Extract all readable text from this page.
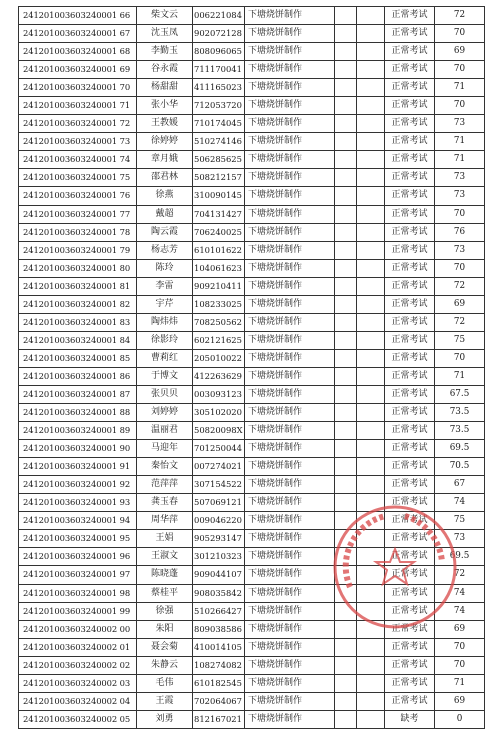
241201003603240001 66	柴文云	006221084	下塘烧饼制作			正常考试	72
241201003603240001 67	沈玉凤	902072128	下塘烧饼制作			正常考试	70
241201003603240001 68	李勤玉	808096065	下塘烧饼制作			正常考试	69
241201003603240001 69	谷永霞	711170041	下塘烧饼制作			正常考试	70
241201003603240001 70	杨甜甜	411165023	下塘烧饼制作			正常考试	71
241201003603240001 71	张小华	712053720	下塘烧饼制作			正常考试	70
241201003603240001 72	王教媛	710174045	下塘烧饼制作			正常考试	73
241201003603240001 73	徐婷婷	510274146	下塘烧饼制作			正常考试	71
241201003603240001 74	章月娥	506285625	下塘烧饼制作			正常考试	71
241201003603240001 75	邵君林	508212157	下塘烧饼制作			正常考试	73
241201003603240001 76	徐燕	310090145	下塘烧饼制作			正常考试	73
241201003603240001 77	戴超	704131427	下塘烧饼制作			正常考试	70
241201003603240001 78	陶云霞	706240025	下塘烧饼制作			正常考试	76
241201003603240001 79	杨志芳	610101622	下塘烧饼制作			正常考试	73
241201003603240001 80	陈玲	104061623	下塘烧饼制作			正常考试	70
241201003603240001 81	李雷	909210411	下塘烧饼制作			正常考试	72
241201003603240001 82	宇芹	108233025	下塘烧饼制作			正常考试	69
241201003603240001 83	陶炜炜	708250562	下塘烧饼制作			正常考试	72
241201003603240001 84	徐影玲	602121625	下塘烧饼制作			正常考试	75
241201003603240001 85	曹莉红	205010022	下塘烧饼制作			正常考试	70
241201003603240001 86	于博文	412263629	下塘烧饼制作			正常考试	71
241201003603240001 87	张贝贝	003093123	下塘烧饼制作			正常考试	67.5
241201003603240001 88	刘婷婷	305102020	下塘烧饼制作			正常考试	73.5
241201003603240001 89	温丽君	50820098X	下塘烧饼制作			正常考试	73.5
241201003603240001 90	马迎年	701250044	下塘烧饼制作			正常考试	69.5
241201003603240001 91	秦怡文	007274021	下塘烧饼制作			正常考试	70.5
241201003603240001 92	范萍萍	307154522	下塘烧饼制作			正常考试	67
241201003603240001 93	龚玉春	507069121	下塘烧饼制作			正常考试	74
241201003603240001 94	周华萍	009046220	下塘烧饼制作			正常考试	75
241201003603240001 95	王娟	905293147	下塘烧饼制作			正常考试	73
241201003603240001 96	王淑文	301210323	下塘烧饼制作			正常考试	69.5
241201003603240001 97	陈晓蓬	909044107	下塘烧饼制作			正常考试	72
241201003603240001 98	蔡桂平	908035842	下塘烧饼制作			正常考试	74
241201003603240001 99	徐强	510266427	下塘烧饼制作			正常考试	74
241201003603240002 00	朱阳	809038586	下塘烧饼制作			正常考试	69
241201003603240002 01	聂会菊	410014105	下塘烧饼制作			正常考试	70
241201003603240002 02	朱静云	108274082	下塘烧饼制作			正常考试	70
241201003603240002 03	毛伟	610182545	下塘烧饼制作			正常考试	71
241201003603240002 04	王霞	702064067	下塘烧饼制作			正常考试	69
241201003603240002 05	刘勇	812167021	下塘烧饼制作			缺考	0
